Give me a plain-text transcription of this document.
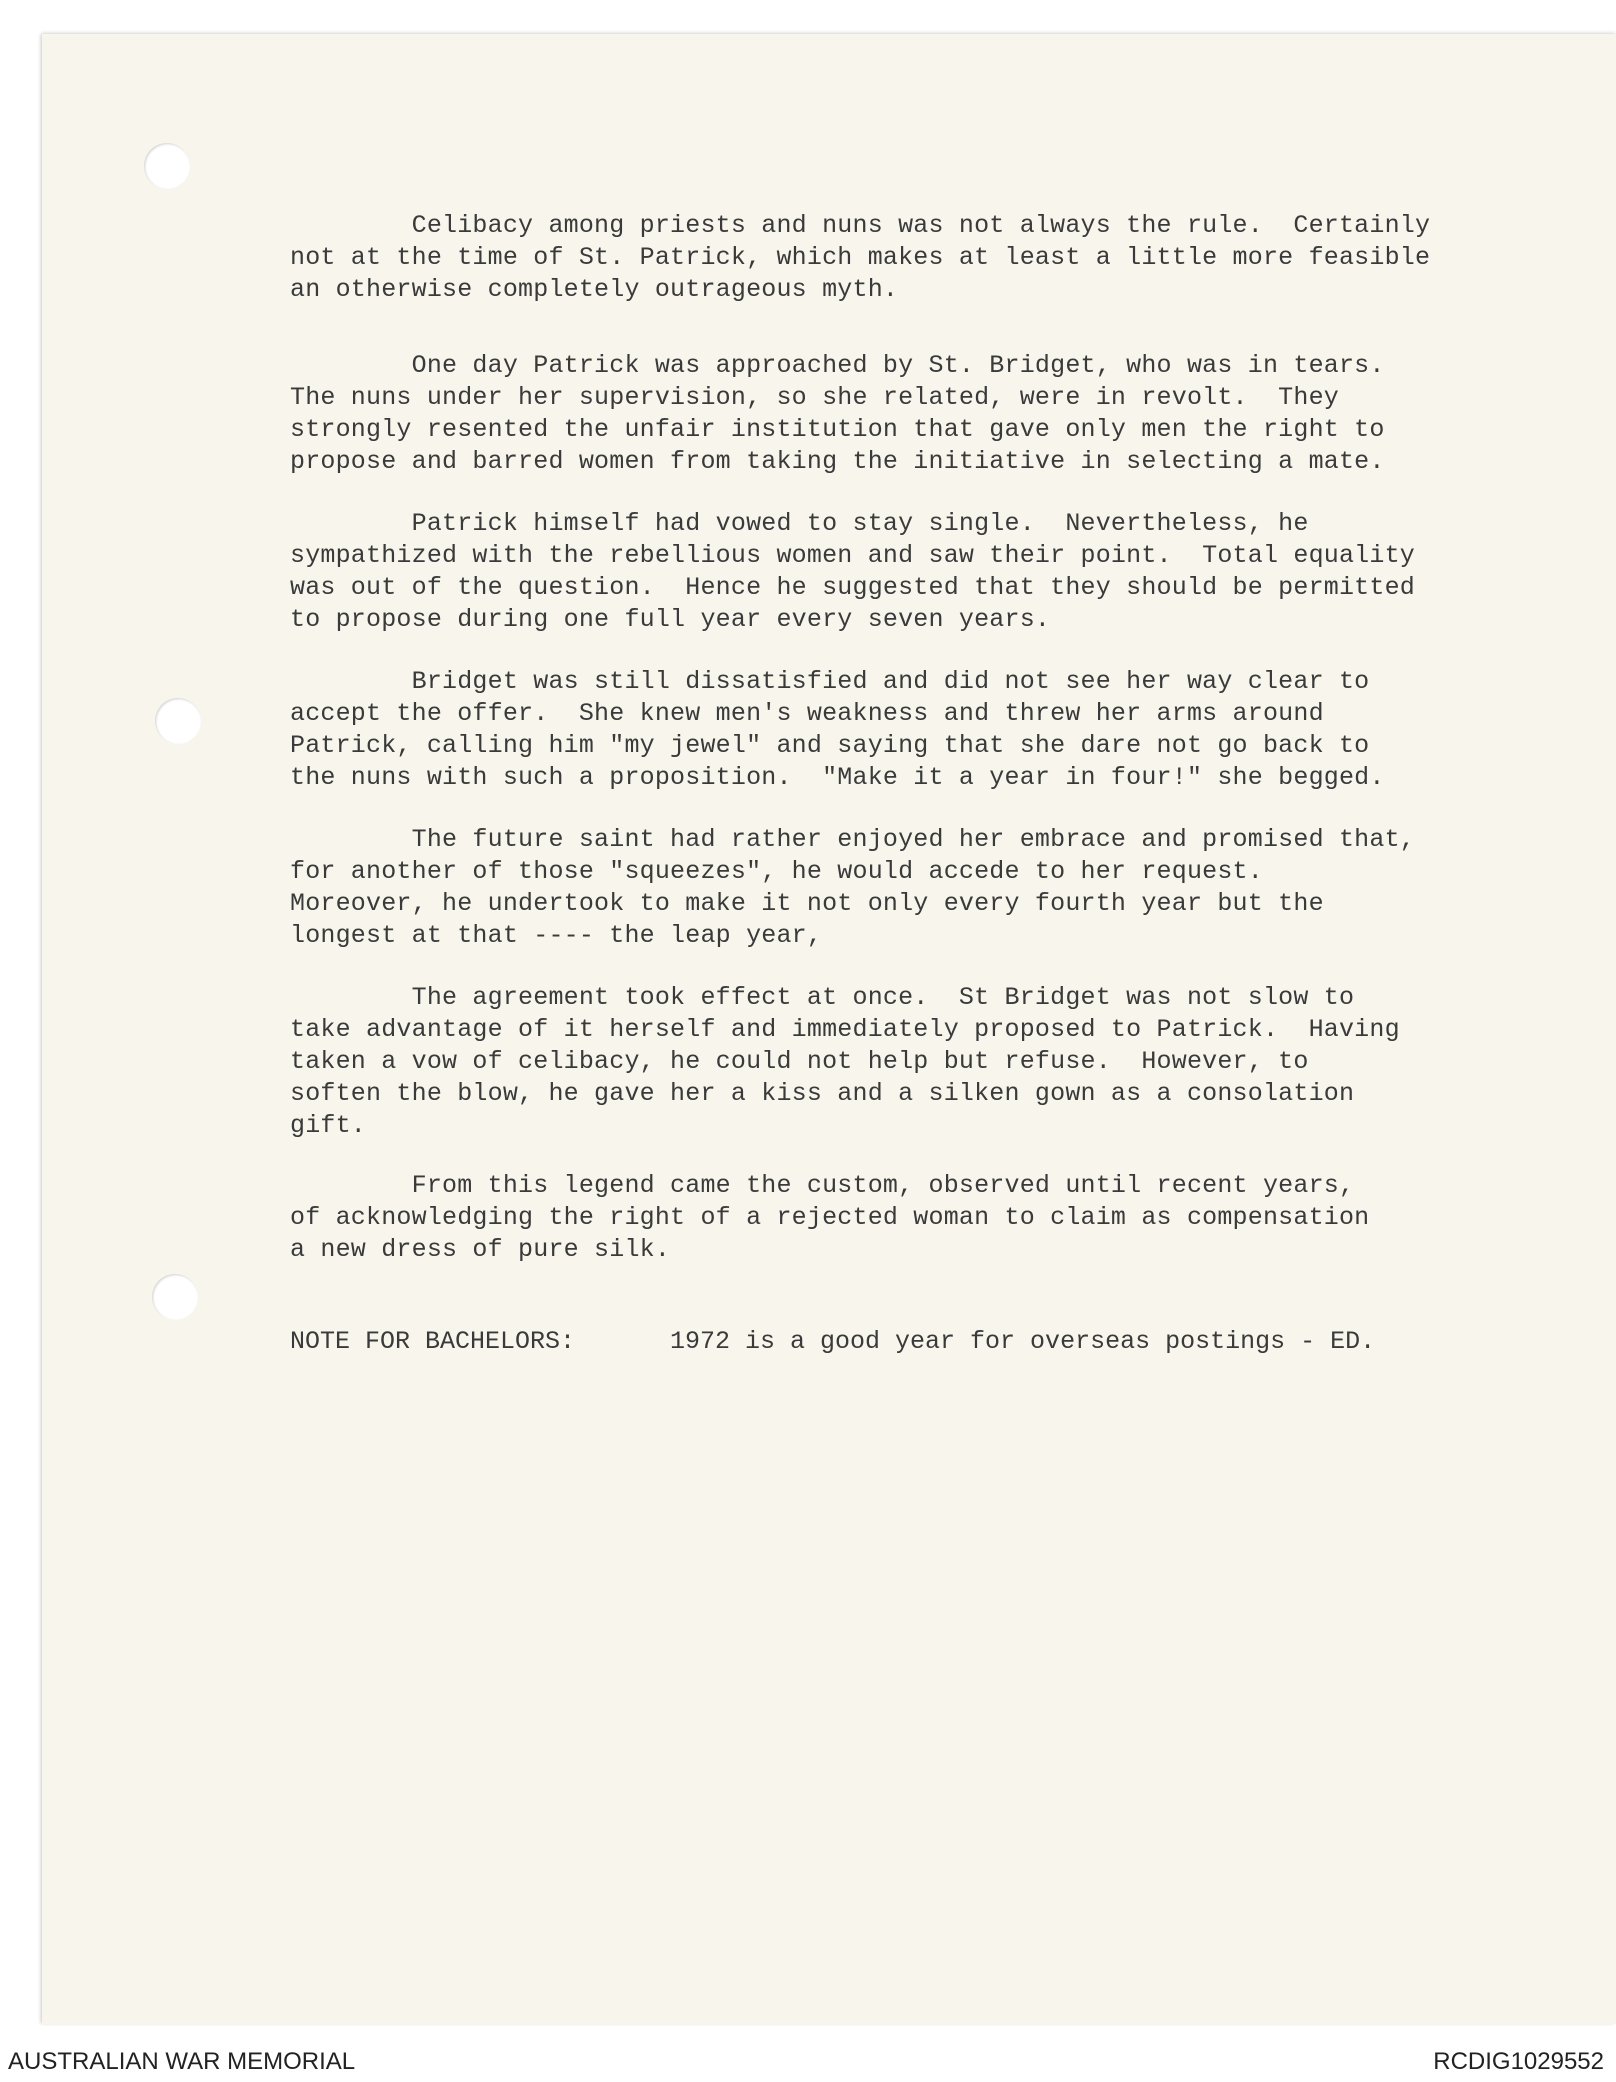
Celibacy among priests and nuns was not always the rule.  Certainly
not at the time of St. Patrick, which makes at least a little more feasible
an otherwise completely outrageous myth.

One day Patrick was approached by St. Bridget, who was in tears.
The nuns under her supervision, so she related, were in revolt.  They
strongly resented the unfair institution that gave only men the right to
propose and barred women from taking the initiative in selecting a mate.

Patrick himself had vowed to stay single.  Nevertheless, he
sympathized with the rebellious women and saw their point.  Total equality
was out of the question.  Hence he suggested that they should be permitted
to propose during one full year every seven years.

Bridget was still dissatisfied and did not see her way clear to
accept the offer.  She knew men's weakness and threw her arms around
Patrick, calling him "my jewel" and saying that she dare not go back to
the nuns with such a proposition.  "Make it a year in four!" she begged.

The future saint had rather enjoyed her embrace and promised that,
for another of those "squeezes", he would accede to her request.
Moreover, he undertook to make it not only every fourth year but the
longest at that ---- the leap year,

The agreement took effect at once.  St Bridget was not slow to
take advantage of it herself and immediately proposed to Patrick.  Having
taken a vow of celibacy, he could not help but refuse.  However, to
soften the blow, he gave her a kiss and a silken gown as a consolation
gift.

From this legend came the custom, observed until recent years,
of acknowledging the right of a rejected woman to claim as compensation
a new dress of pure silk.

NOTE FOR BACHELORS:	1972 is a good year for overseas postings - ED.

AUSTRALIAN WAR MEMORIAL	RCDIG1029552
